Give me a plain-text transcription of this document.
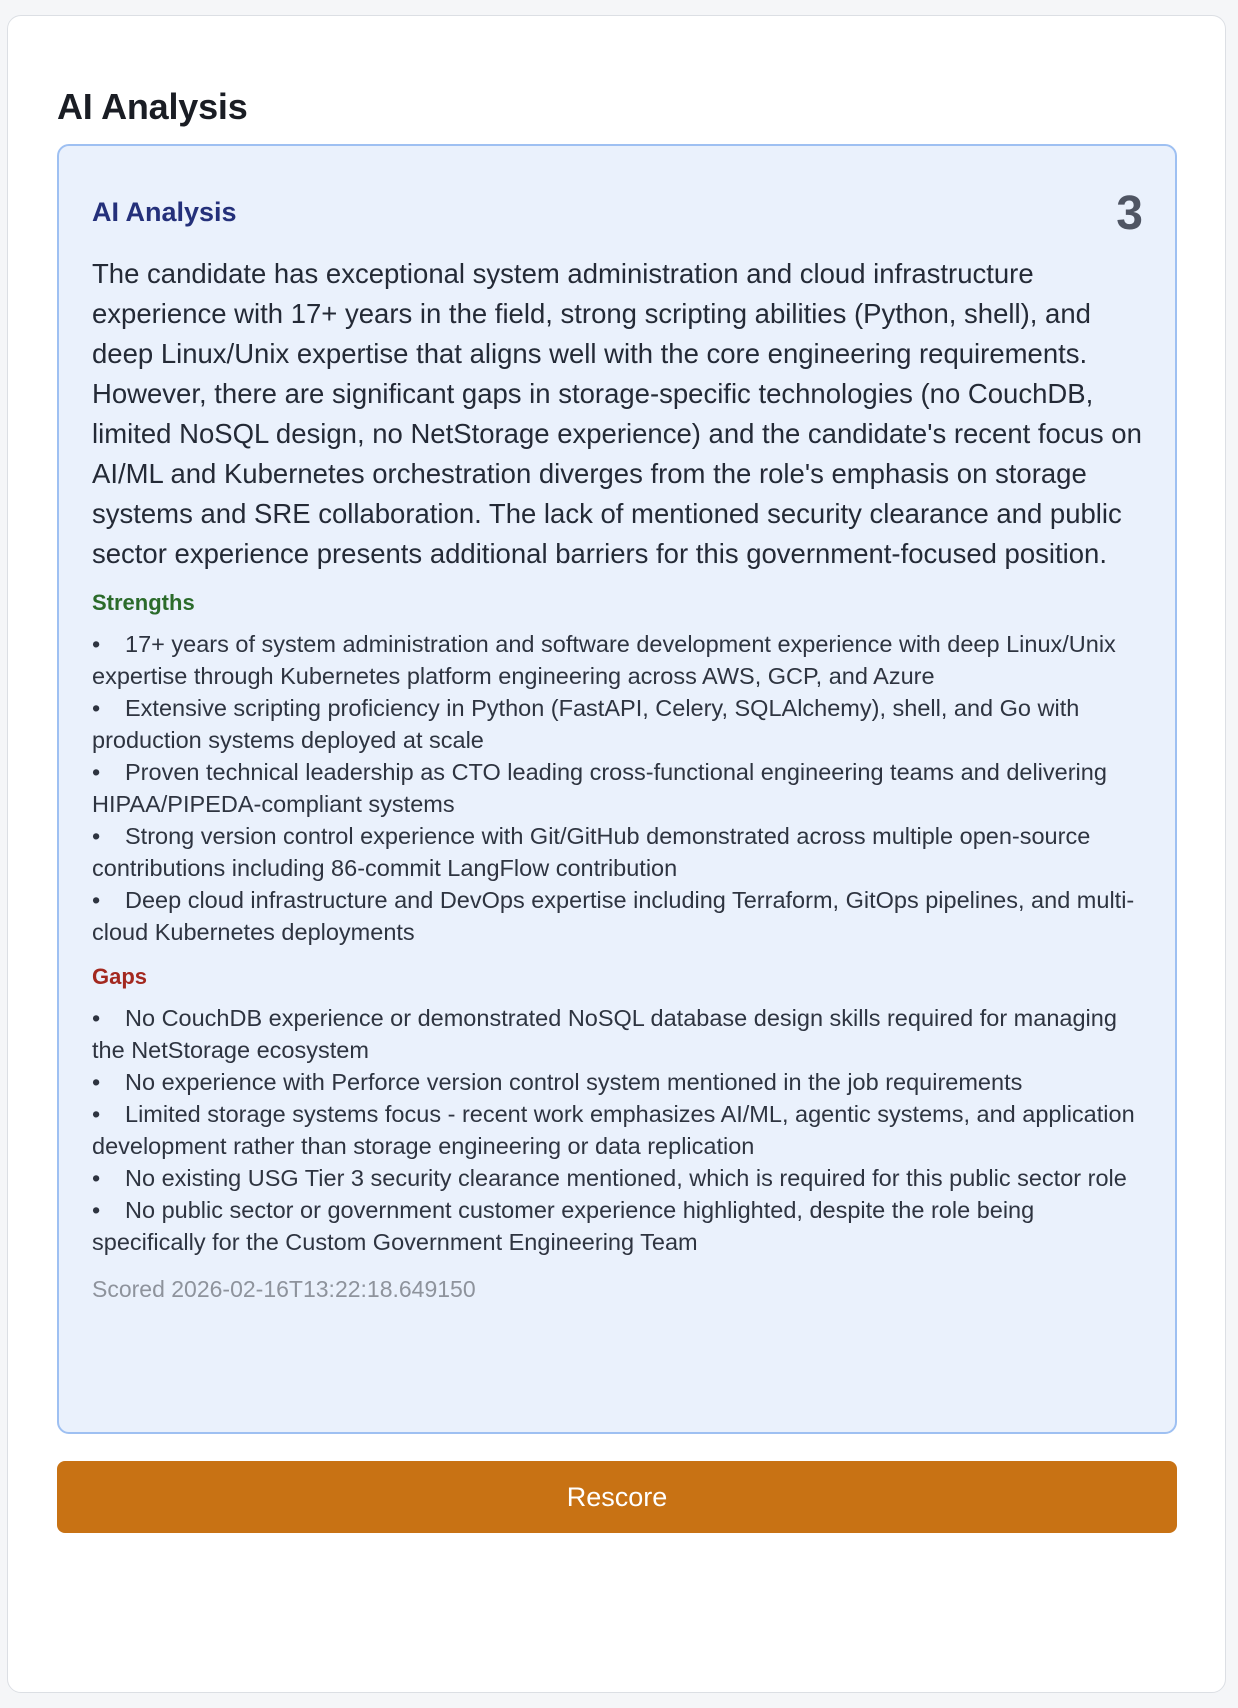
AI Analysis
AI Analysis	3

The candidate has exceptional system administration and cloud infrastructure experience with 17+ years in the field, strong scripting abilities (Python, shell), and deep Linux/Unix expertise that aligns well with the core engineering requirements. However, there are significant gaps in storage-specific technologies (no CouchDB, limited NoSQL design, no NetStorage experience) and the candidate's recent focus on AI/ML and Kubernetes orchestration diverges from the role's emphasis on storage systems and SRE collaboration. The lack of mentioned security clearance and public sector experience presents additional barriers for this government-focused position.

Strengths
• 17+ years of system administration and software development experience with deep Linux/Unix expertise through Kubernetes platform engineering across AWS, GCP, and Azure
• Extensive scripting proficiency in Python (FastAPI, Celery, SQLAlchemy), shell, and Go with production systems deployed at scale
• Proven technical leadership as CTO leading cross-functional engineering teams and delivering HIPAA/PIPEDA-compliant systems
• Strong version control experience with Git/GitHub demonstrated across multiple open-source contributions including 86-commit LangFlow contribution
• Deep cloud infrastructure and DevOps expertise including Terraform, GitOps pipelines, and multi-cloud Kubernetes deployments
Gaps
• No CouchDB experience or demonstrated NoSQL database design skills required for managing the NetStorage ecosystem
• No experience with Perforce version control system mentioned in the job requirements
• Limited storage systems focus - recent work emphasizes AI/ML, agentic systems, and application development rather than storage engineering or data replication
• No existing USG Tier 3 security clearance mentioned, which is required for this public sector role
• No public sector or government customer experience highlighted, despite the role being specifically for the Custom Government Engineering Team
Scored 2026-02-16T13:22:18.649150
Rescore
